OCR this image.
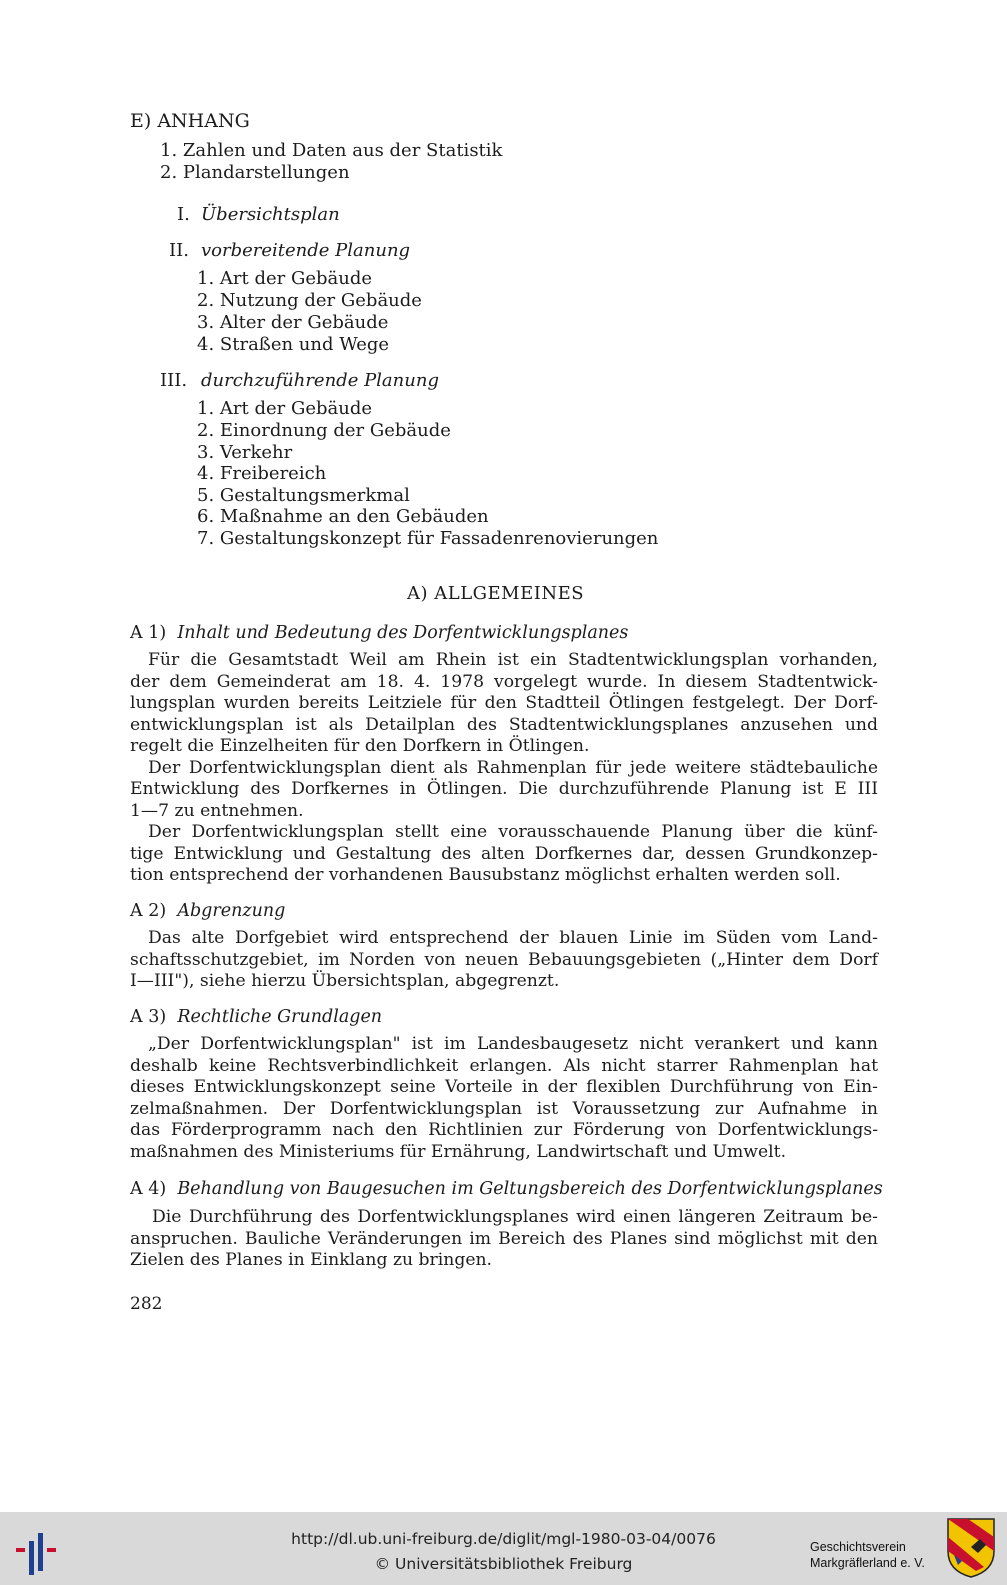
E) ANHANG
1. Zahlen und Daten aus der Statistik
2. Plandarstellungen
I. Übersichtsplan
II. vorbereitende Planung
1. Art der Gebäude
2. Nutzung der Gebäude
3. Alter der Gebäude
4. Straßen und Wege
III. durchzuführende Planung
1. Art der Gebäude
2. Einordnung der Gebäude
3. Verkehr
4. Freibereich
5. Gestaltungsmerkmal
6. Maßnahme an den Gebäuden
7. Gestaltungskonzept für Fassadenrenovierungen
A) ALLGEMEINES
A 1) Inhalt und Bedeutung des Dorfentwicklungsplanes
Für die Gesamtstadt Weil am Rhein ist ein Stadtentwicklungsplan vorhanden,
der dem Gemeinderat am 18. 4. 1978 vorgelegt wurde. In diesem Stadtentwick-
lungsplan wurden bereits Leitziele für den Stadtteil Ötlingen festgelegt. Der Dorf-
entwicklungsplan ist als Detailplan des Stadtentwicklungsplanes anzusehen und
regelt die Einzelheiten für den Dorfkern in Ötlingen.
Der Dorfentwicklungsplan dient als Rahmenplan für jede weitere städtebauliche
Entwicklung des Dorfkernes in Ötlingen. Die durchzuführende Planung ist E III
1—7 zu entnehmen.
Der Dorfentwicklungsplan stellt eine vorausschauende Planung über die künf-
tige Entwicklung und Gestaltung des alten Dorfkernes dar, dessen Grundkonzep-
tion entsprechend der vorhandenen Bausubstanz möglichst erhalten werden soll.
A 2) Abgrenzung
Das alte Dorfgebiet wird entsprechend der blauen Linie im Süden vom Land-
schaftsschutzgebiet, im Norden von neuen Bebauungsgebieten („Hinter dem Dorf
I—III"), siehe hierzu Übersichtsplan, abgegrenzt.
A 3) Rechtliche Grundlagen
„Der Dorfentwicklungsplan" ist im Landesbaugesetz nicht verankert und kann
deshalb keine Rechtsverbindlichkeit erlangen. Als nicht starrer Rahmenplan hat
dieses Entwicklungskonzept seine Vorteile in der flexiblen Durchführung von Ein-
zelmaßnahmen. Der Dorfentwicklungsplan ist Voraussetzung zur Aufnahme in
das Förderprogramm nach den Richtlinien zur Förderung von Dorfentwicklungs-
maßnahmen des Ministeriums für Ernährung, Landwirtschaft und Umwelt.
A 4) Behandlung von Baugesuchen im Geltungsbereich des Dorfentwicklungsplanes
Die Durchführung des Dorfentwicklungsplanes wird einen längeren Zeitraum be-
anspruchen. Bauliche Veränderungen im Bereich des Planes sind möglichst mit den
Zielen des Planes in Einklang zu bringen.
282
http://dl.ub.uni-freiburg.de/diglit/mgl-1980-03-04/0076
© Universitätsbibliothek Freiburg
Geschichtsverein
Markgräflerland e. V.
